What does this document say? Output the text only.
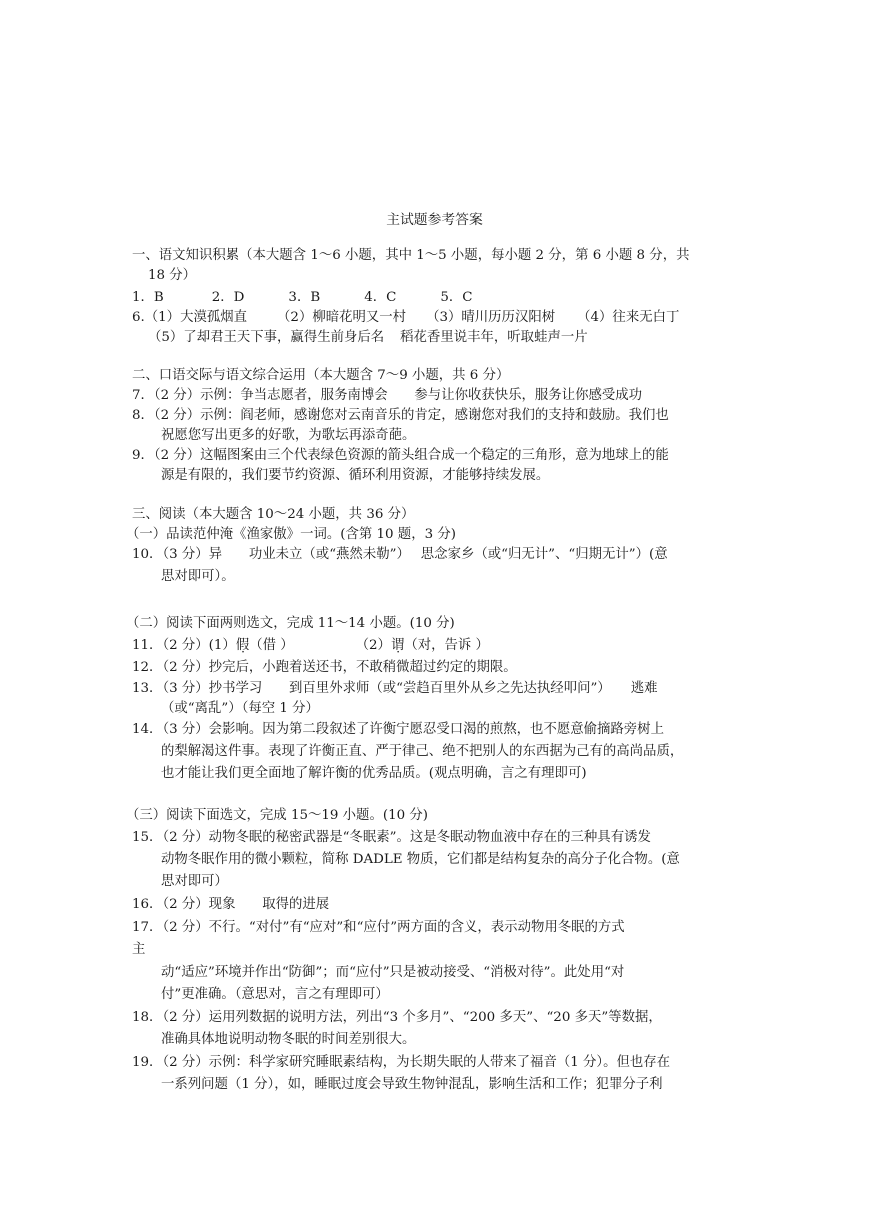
主试题参考答案
一、语文知识积累（本大题含 1～6 小题，其中 1～5 小题，每小题 2 分，第 6 小题 8 分，共
18 分）
1．B	2．D	3．B	4．C	5．C
6.（1）大漠孤烟直 （2）柳暗花明又一村 （3）晴川历历汉阳树 （4）往来无白丁
（5）了却君王天下事，赢得生前身后名 稻花香里说丰年，听取蛙声一片
二、口语交际与语文综合运用（本大题含 7～9 小题，共 6 分）
7．（2 分）示例：争当志愿者，服务南博会　　参与让你收获快乐，服务让你感受成功
8．（2 分）示例：阎老师，感谢您对云南音乐的肯定，感谢您对我们的支持和鼓励。我们也
祝愿您写出更多的好歌，为歌坛再添奇葩。
9．（2 分）这幅图案由三个代表绿色资源的箭头组合成一个稳定的三角形，意为地球上的能
源是有限的，我们要节约资源、循环利用资源，才能够持续发展。
三、阅读（本大题含 10～24 小题，共 36 分）
（一）品读范仲淹《渔家傲》一词。(含第 10 题，3 分)
10．（3 分）异　　功业未立（或“燕然未勒”）　 思念家乡（或“归无计”、“归期无计”）(意
思对即可）。
（二）阅读下面两则选文，完成 11～14 小题。(10 分)
11．（2 分）(1）假（借 ）	（2）谓（对，告诉 ）
12．（2 分）抄完后，小跑着送还书，不敢稍微超过约定的期限。
13．（3 分）抄书学习　　到百里外求师（或“尝趋百里外从乡之先达执经叩问”）　　逃难
（或“离乱”）（每空 1 分）
14．（3 分）会影响。因为第二段叙述了许衡宁愿忍受口渴的煎熬，也不愿意偷摘路旁树上
的梨解渴这件事。表现了许衡正直、严于律己、绝不把别人的东西据为己有的高尚品质，
也才能让我们更全面地了解许衡的优秀品质。(观点明确，言之有理即可)
（三）阅读下面选文，完成 15～19 小题。(10 分)
15．（2 分）动物冬眠的秘密武器是“冬眠素”。这是冬眠动物血液中存在的三种具有诱发
动物冬眠作用的微小颗粒，简称 DADLE 物质，它们都是结构复杂的高分子化合物。(意
思对即可）
16．（2 分）现象　　取得的进展
17．（2 分）不行。“对付”有“应对”和“应付”两方面的含义，表示动物用冬眠的方式
主
动“适应”环境并作出“防御”；而“应付”只是被动接受、“消极对待”。此处用“对
付”更准确。（意思对，言之有理即可）
18．（2 分）运用列数据的说明方法，列出“3 个多月”、“200 多天”、“20 多天”等数据，
准确具体地说明动物冬眠的时间差别很大。
19．（2 分）示例：科学家研究睡眠素结构，为长期失眠的人带来了福音（1 分）。但也存在
一系列问题（1 分），如，睡眠过度会导致生物钟混乱，影响生活和工作；犯罪分子利
